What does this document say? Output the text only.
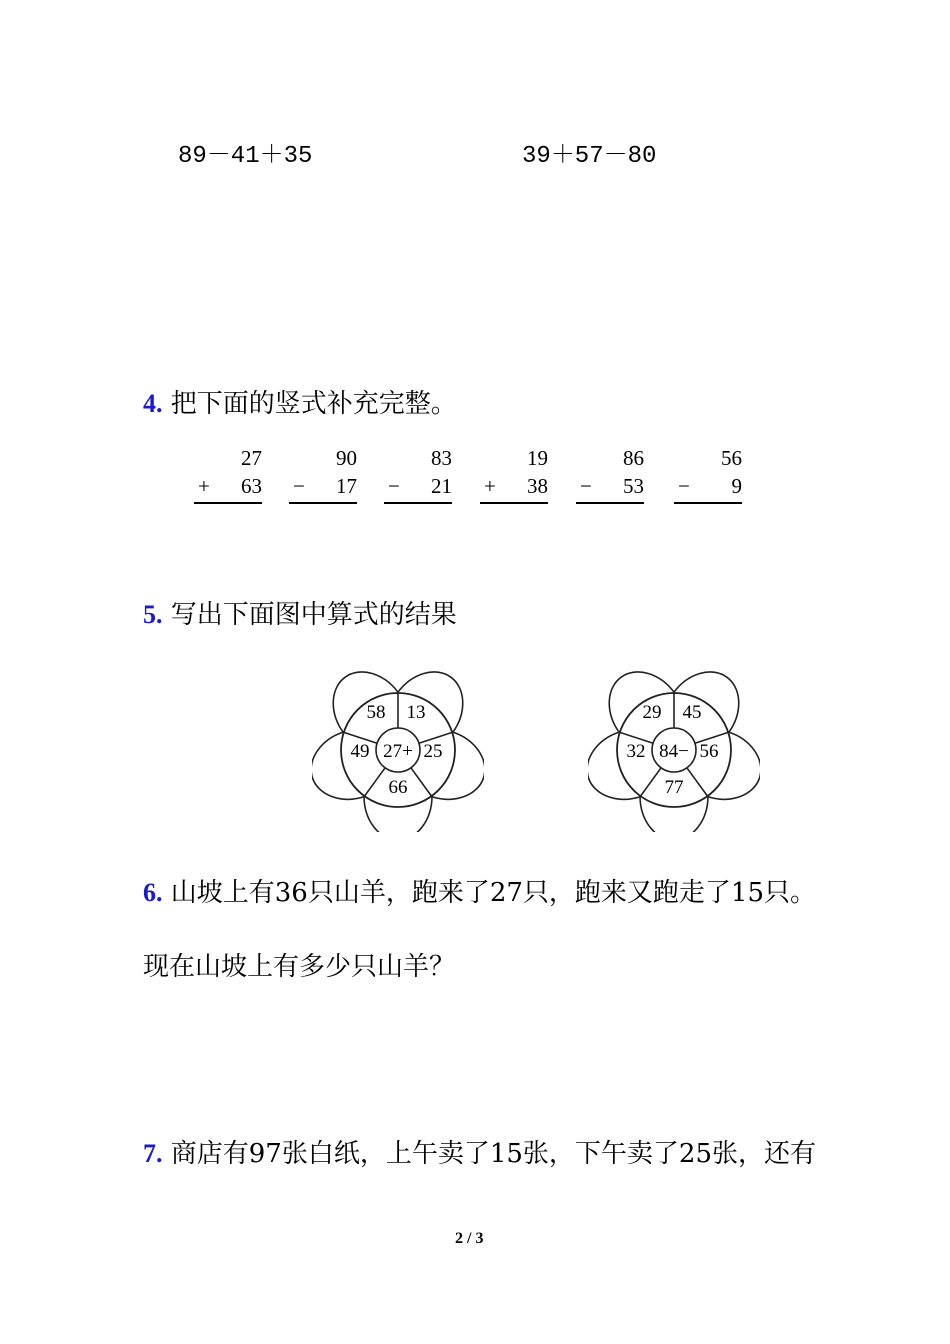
89－41＋35	39＋57－80
4. 把下面的竖式补充完整。
27
+ 63
90
− 17
83
− 21
19
+ 38
86
− 53
56
− 9
5. 写出下面图中算式的结果
27+
58 13
49	25
66
84−
29 45
32	56
77
6. 山坡上有36只山羊，跑来了27只，跑来又跑走了15只。
现在山坡上有多少只山羊？
7. 商店有97张白纸，上午卖了15张，下午卖了25张，还有
2 / 3
